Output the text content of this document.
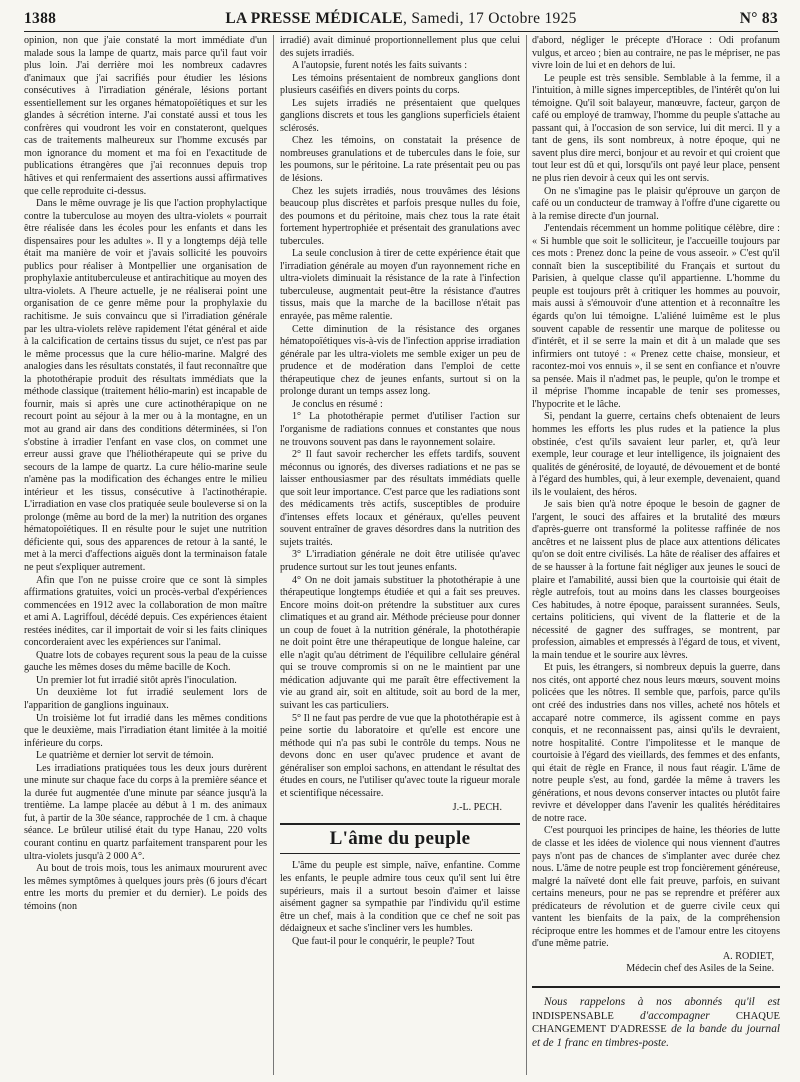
1388	LA PRESSE MÉDICALE, Samedi, 17 Octobre 1925	N° 83

opinion, non que j'aie constaté la mort immédiate d'un malade sous la lampe de quartz, mais parce qu'il faut voir plus loin. J'ai derrière moi les nombreux cadavres d'animaux que j'ai sacrifiés pour étudier les lésions consécutives à l'irradiation générale, lésions portant essentiellement sur les organes hématopoïétiques et sur les glandes à sécrétion interne. J'ai constaté aussi et tous les confrères qui voudront les voir en constateront, quelques cas de traitements malheureux sur l'homme excusés par mon ignorance du moment et ma foi en l'exactitude de publications étrangères que j'ai reconnues depuis trop hâtives et qui renfermaient des assertions aussi affirmatives que celle reproduite ci-dessus.

Dans le même ouvrage je lis que l'action prophylactique contre la tuberculose au moyen des ultra-violets « pourrait être réalisée dans les écoles pour les enfants et dans les dispensaires pour les adultes ». Il y a longtemps déjà telle était ma manière de voir et j'avais sollicité les pouvoirs publics pour réaliser à Montpellier une organisation de prophylaxie antituberculeuse et antirachitique au moyen des ultra-violets. A l'heure actuelle, je ne réaliserai point une organisation de ce genre même pour la prophylaxie du rachitisme. Je suis convaincu que si l'irradiation générale par les ultra-violets relève rapidement l'état général et aide à la calcification de certains tissus du sujet, ce n'est pas par le même processus que la cure hélio-marine. Malgré des analogies dans les résultats constatés, il faut reconnaître que la photothérapie produit des résultats immédiats que la méthode classique (traitement hélio-marin) est incapable de fournir, mais si après une cure actinothérapique on ne recourt point au séjour à la mer ou à la montagne, en un mot au grand air dans des conditions déterminées, si l'on s'obstine à irradier l'enfant en vase clos, on commet une erreur aussi grave que l'héliothérapeute qui se prive du secours de la lampe de quartz. La cure hélio-marine seule n'amène pas la modification des échanges entre le milieu intérieur et les tissus, consécutive à l'actinothérapie. L'irradiation en vase clos pratiquée seule bouleverse si on la prolonge (même au bord de la mer) la nutrition des organes hématopoïétiques. Il en résulte pour le sujet une nutrition déficiente qui, sous des apparences de retour à la santé, le met à la merci d'affections aiguës dont la terminaison fatale ne peut s'expliquer autrement.

Afin que l'on ne puisse croire que ce sont là simples affirmations gratuites, voici un procès-verbal d'expériences commencées en 1912 avec la collaboration de mon maître et ami A. Lagriffoul, décédé depuis. Ces expériences étaient restées inédites, car il importait de voir si les faits cliniques concorderaient avec les expériences sur l'animal.

Quatre lots de cobayes reçurent sous la peau de la cuisse gauche les mêmes doses du même bacille de Koch.

Un premier lot fut irradié sitôt après l'inoculation.

Un deuxième lot fut irradié seulement lors de l'apparition de ganglions inguinaux.

Un troisième lot fut irradié dans les mêmes conditions que le deuxième, mais l'irradiation étant limitée à la moitié inférieure du corps.

Le quatrième et dernier lot servit de témoin.

Les irradiations pratiquées tous les deux jours durèrent une minute sur chaque face du corps à la première séance et la durée fut augmentée d'une minute par séance jusqu'à la trentième. La lampe placée au début à 1 m. des animaux fut, à partir de la 30e séance, rapprochée de 1 cm. à chaque séance. Le brûleur utilisé était du type Hanau, 220 volts courant continu en quartz parfaitement transparent pour les ultra-violets jusqu'à 2 000 A°.

Au bout de trois mois, tous les animaux moururent avec les mêmes symptômes à quelques jours près (6 jours d'écart entre les morts du premier et du dernier). Le poids des témoins (non

irradié) avait diminué proportionnellement plus que celui des sujets irradiés.

A l'autopsie, furent notés les faits suivants :

Les témoins présentaient de nombreux ganglions dont plusieurs caséifiés en divers points du corps.

Les sujets irradiés ne présentaient que quelques ganglions discrets et tous les ganglions superficiels étaient sclérosés.

Chez les témoins, on constatait la présence de nombreuses granulations et de tubercules dans le foie, sur les poumons, sur le péritoine. La rate présentait peu ou pas de lésions.

Chez les sujets irradiés, nous trouvâmes des lésions beaucoup plus discrètes et parfois presque nulles du foie, des poumons et du péritoine, mais chez tous la rate était fortement hypertrophiée et présentait des granulations avec tubercules.

La seule conclusion à tirer de cette expérience était que l'irradiation générale au moyen d'un rayonnement riche en ultra-violets diminuait la résistance de la rate à l'infection tuberculeuse, augmentait peut-être la résistance d'autres tissus, mais que la marche de la bacillose n'était pas enrayée, pas même ralentie.

Cette diminution de la résistance des organes hématopoïétiques vis-à-vis de l'infection apprise irradiation générale par les ultra-violets me semble exiger un peu de prudence et de modération dans l'emploi de cette thérapeutique chez de jeunes enfants, surtout si on la prolonge durant un temps assez long.

Je conclus en résumé :

1° La photothérapie permet d'utiliser l'action sur l'organisme de radiations connues et constantes que nous ne trouvons souvent pas dans le rayonnement solaire.

2° Il faut savoir rechercher les effets tardifs, souvent méconnus ou ignorés, des diverses radiations et ne pas se laisser enthousiasmer par des résultats immédiats quelle que soit leur importance. C'est parce que les radiations sont des médicaments très actifs, susceptibles de produire d'intenses effets locaux et généraux, qu'elles peuvent souvent entraîner de graves désordres dans la nutrition des sujets traités.

3° L'irradiation générale ne doit être utilisée qu'avec prudence surtout sur les tout jeunes enfants.

4° On ne doit jamais substituer la photothérapie à une thérapeutique longtemps étudiée et qui a fait ses preuves. Encore moins doit-on prétendre la substituer aux cures climatiques et au grand air. Méthode précieuse pour donner un coup de fouet à la nutrition générale, la photothérapie ne doit point être une thérapeutique de longue haleine, car elle n'agit qu'au détriment de l'équilibre cellulaire général qui se trouve compromis si on ne le maintient par une médication adjuvante qui me paraît être effectivement la vie au grand air, soit en altitude, soit au bord de la mer, suivant les cas particuliers.

5° Il ne faut pas perdre de vue que la photothérapie est à peine sortie du laboratoire et qu'elle est encore une méthode qui n'a pas subi le contrôle du temps. Nous ne devons donc en user qu'avec prudence et avant de généraliser son emploi sachons, en attendant le résultat des études en cours, ne l'utiliser qu'avec toute la rigueur morale et scientifique nécessaire.

J.-L. PECH.
L'âme du peuple

L'âme du peuple est simple, naïve, enfantine. Comme les enfants, le peuple admire tous ceux qu'il sent lui être supérieurs, mais il a surtout besoin d'aimer et laisse aisément gagner sa sympathie par l'individu qu'il estime être un chef, mais à la condition que ce chef ne soit pas dédaigneux et sache s'incliner vers les humbles.

Que faut-il pour le conquérir, le peuple? Tout

d'abord, négliger le précepte d'Horace : Odi profanum vulgus, et arceo ; bien au contraire, ne pas le mépriser, ne pas vivre loin de lui et en dehors de lui.

Le peuple est très sensible. Semblable à la femme, il a l'intuition, à mille signes imperceptibles, de l'intérêt qu'on lui témoigne. Qu'il soit balayeur, manœuvre, facteur, garçon de café ou employé de tramway, l'homme du peuple s'attache au passant qui, à l'occasion de son service, lui dit merci. Il y a tant de gens, ils sont nombreux, à notre époque, qui ne savent plus dire merci, bonjour et au revoir et qui croient que tout leur est dû et qui, lorsqu'ils ont payé leur place, pensent ne plus rien devoir à ceux qui les ont servis.

On ne s'imagine pas le plaisir qu'éprouve un garçon de café ou un conducteur de tramway à l'offre d'une cigarette ou à la remise directe d'un journal.

J'entendais récemment un homme politique célèbre, dire : « Si humble que soit le solliciteur, je l'accueille toujours par ces mots : Prenez donc la peine de vous asseoir. » C'est qu'il connaît bien la susceptibilité du Français et surtout du Parisien, à quelque classe qu'il appartienne. L'homme du peuple est toujours prêt à critiquer les hommes au pouvoir, mais aussi à s'émouvoir d'une attention et à reconnaître les égards qu'on lui témoigne. L'aliéné luimême est le plus souvent capable de ressentir une marque de politesse ou d'intérêt, et il se serre la main et dit à un malade que ses infirmiers ont tutoyé : « Prenez cette chaise, monsieur, et racontez-moi vos ennuis », il se sent en confiance et n'ouvre sa pensée. Mais il n'admet pas, le peuple, qu'on le trompe et il méprise l'homme incapable de tenir ses promesses, l'hypocrite et le lâche.

Si, pendant la guerre, certains chefs obtenaient de leurs hommes les efforts les plus rudes et la patience la plus obstinée, c'est qu'ils savaient leur parler, et, qu'à leur exemple, leur courage et leur intelligence, ils joignaient des qualités de générosité, de loyauté, de dévouement et de bonté à l'égard des humbles, qui, à leur exemple, devenaient, quand ils le voulaient, des héros.

Je sais bien qu'à notre époque le besoin de gagner de l'argent, le souci des affaires et la brutalité des mœurs d'après-guerre ont transformé la politesse raffinée de nos ancêtres et ne laissent plus de place aux attentions délicates qu'on se doit entre civilisés. La hâte de réaliser des affaires et de se hausser à la fortune fait négliger aux jeunes le souci de plaire et l'amabilité, aussi bien que la courtoisie qui était de règle autrefois, tout au moins dans les classes bourgeoises Ces habitudes, à notre époque, paraissent surannées. Seuls, certains politiciens, qui vivent de la flatterie et de la nécessité de gagner des suffrages, se montrent, par profession, aimables et empressés à l'égard de tous, et vivent, la main tendue et le sourire aux lèvres.

Et puis, les étrangers, si nombreux depuis la guerre, dans nos cités, ont apporté chez nous leurs mœurs, souvent moins policées que les nôtres. Il semble que, parfois, parce qu'ils ont créé des industries dans nos villes, acheté nos hôtels et accaparé notre commerce, ils agissent comme en pays conquis, et ne reconnaissent pas, ainsi qu'ils le devraient, notre hospitalité. Contre l'impolitesse et le manque de courtoisie à l'égard des vieillards, des femmes et des enfants, qui était de règle en France, il nous faut réagir. L'âme de notre peuple s'est, au fond, gardée la même à travers les générations, et nous devons conserver intactes ou plutôt faire revivre et développer dans l'avenir les qualités héréditaires de notre race.

C'est pourquoi les principes de haine, les théories de lutte de classe et les idées de violence qui nous viennent d'autres pays n'ont pas de chances de s'implanter avec durée chez nous. L'âme de notre peuple est trop foncièrement généreuse, malgré la naïveté dont elle fait preuve, parfois, en suivant certains meneurs, pour ne pas se reprendre et préférer aux prédicateurs de révolution et de guerre civile ceux qui vantent les bienfaits de la paix, de la compréhension réciproque entre les hommes et de l'amour entre les citoyens d'une même patrie.

A. RODIET,
Médecin chef des Asiles de la Seine.

Nous rappelons à nos abonnés qu'il est INDISPENSABLE d'accompagner CHAQUE CHANGEMENT D'ADRESSE de la bande du journal et de 1 franc en timbres-poste.
